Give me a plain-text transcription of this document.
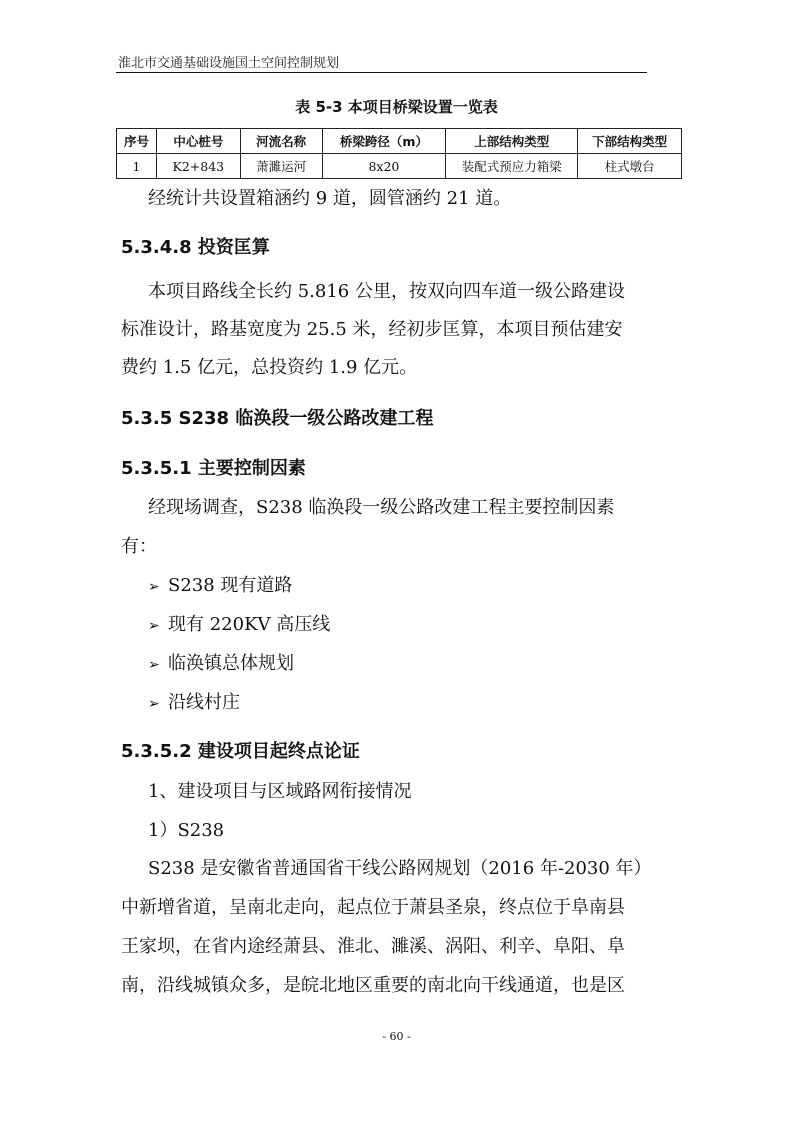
淮北市交通基础设施国土空间控制规划
表 5-3 本项目桥梁设置一览表
序号	中心桩号	河流名称	桥梁跨径（m）	上部结构类型	下部结构类型
1	K2+843	萧濉运河	8x20	装配式预应力箱梁	柱式墩台
经统计共设置箱涵约 9 道，圆管涵约 21 道。
5.3.4.8 投资匡算
本项目路线全长约 5.816 公里，按双向四车道一级公路建设
标准设计，路基宽度为 25.5 米，经初步匡算，本项目预估建安
费约 1.5 亿元，总投资约 1.9 亿元。
5.3.5 S238 临涣段一级公路改建工程
5.3.5.1 主要控制因素
经现场调查，S238 临涣段一级公路改建工程主要控制因素
有：
➢ S238 现有道路
➢ 现有 220KV 高压线
➢ 临涣镇总体规划
➢ 沿线村庄
5.3.5.2 建设项目起终点论证
1、建设项目与区域路网衔接情况
1）S238
S238 是安徽省普通国省干线公路网规划（2016 年-2030 年）
中新增省道，呈南北走向，起点位于萧县圣泉，终点位于阜南县
王家坝，在省内途经萧县、淮北、濉溪、涡阳、利辛、阜阳、阜
南，沿线城镇众多，是皖北地区重要的南北向干线通道，也是区
- 60 -
